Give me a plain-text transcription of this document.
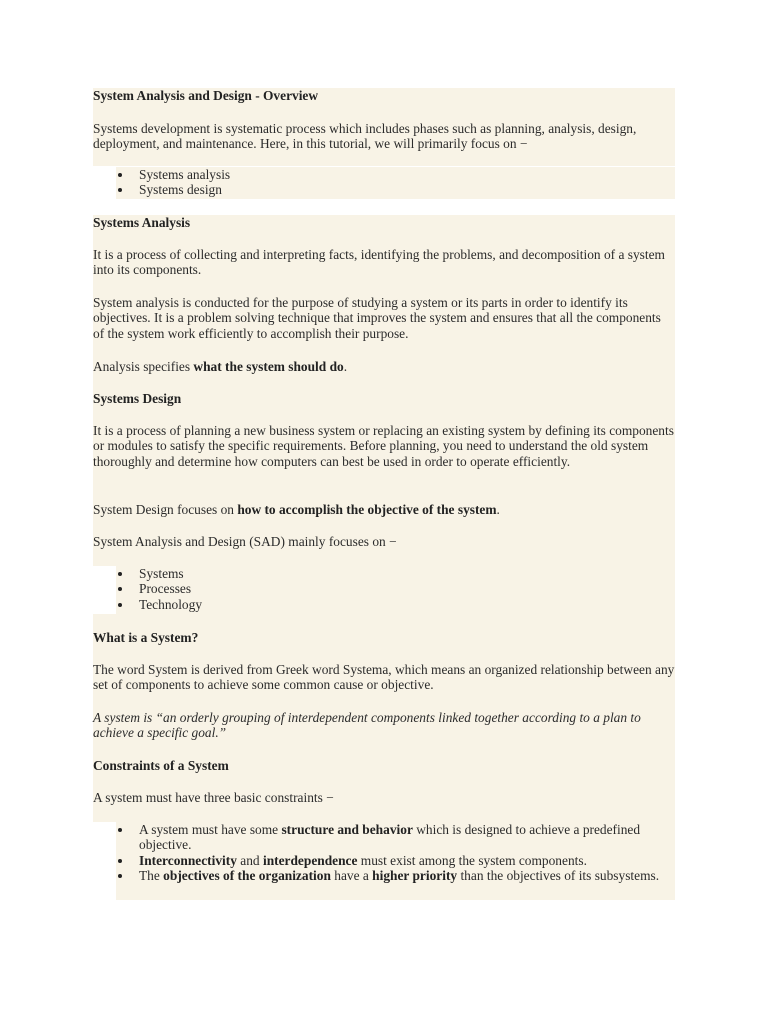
System Analysis and Design - Overview
Systems development is systematic process which includes phases such as planning, analysis, design, deployment, and maintenance. Here, in this tutorial, we will primarily focus on −
Systems analysis
Systems design
Systems Analysis
It is a process of collecting and interpreting facts, identifying the problems, and decomposition of a system into its components.
System analysis is conducted for the purpose of studying a system or its parts in order to identify its objectives. It is a problem solving technique that improves the system and ensures that all the components of the system work efficiently to accomplish their purpose.
Analysis specifies what the system should do.
Systems Design
It is a process of planning a new business system or replacing an existing system by defining its components or modules to satisfy the specific requirements. Before planning, you need to understand the old system thoroughly and determine how computers can best be used in order to operate efficiently.
System Design focuses on how to accomplish the objective of the system.
System Analysis and Design (SAD) mainly focuses on −
Systems
Processes
Technology
What is a System?
The word System is derived from Greek word Systema, which means an organized relationship between any set of components to achieve some common cause or objective.
A system is “an orderly grouping of interdependent components linked together according to a plan to achieve a specific goal.”
Constraints of a System
A system must have three basic constraints −
A system must have some structure and behavior which is designed to achieve a predefined objective.
Interconnectivity and interdependence must exist among the system components.
The objectives of the organization have a higher priority than the objectives of its subsystems.
